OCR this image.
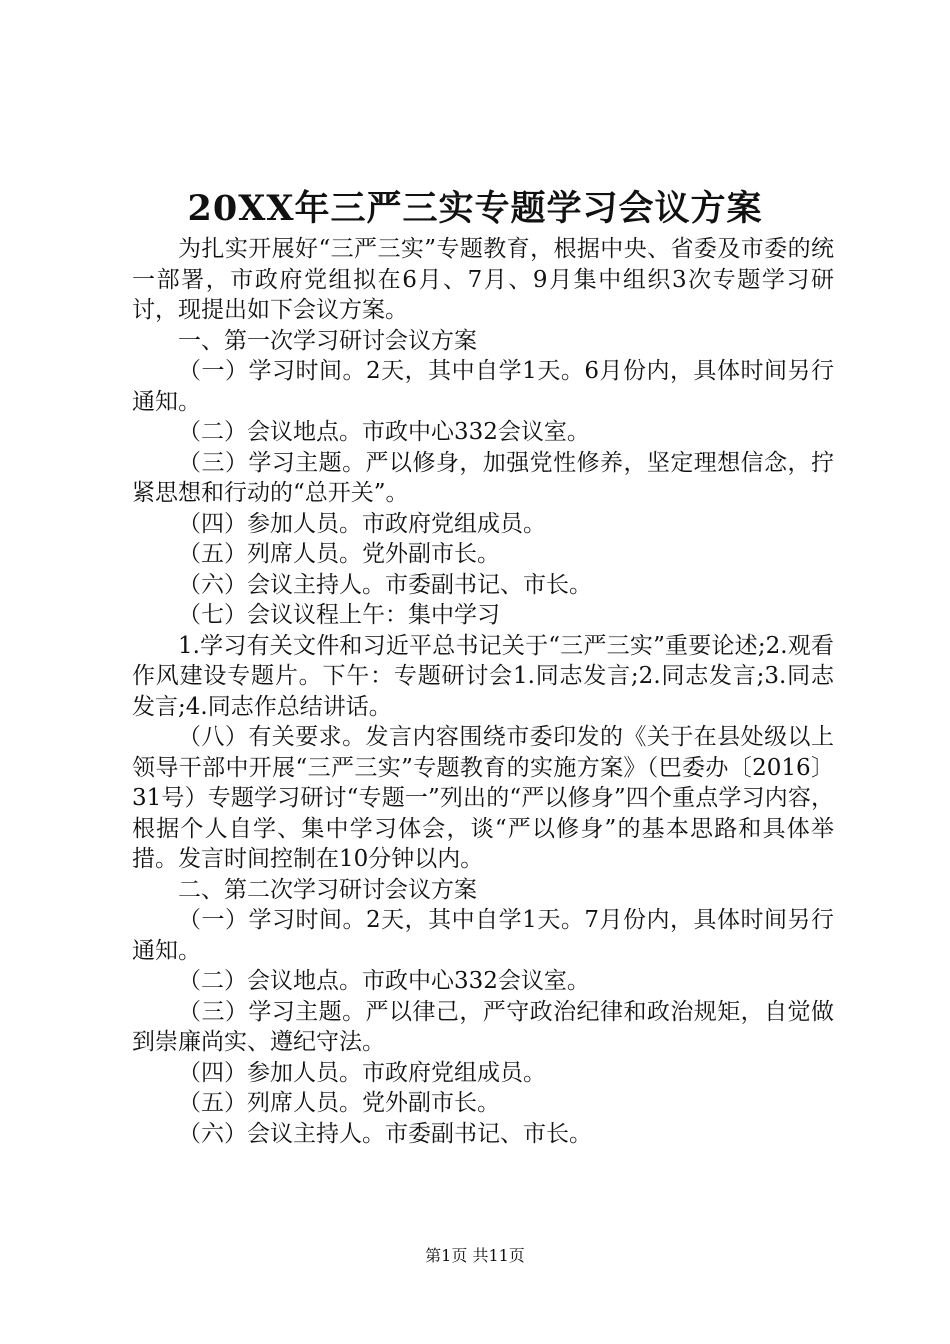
20XX年三严三实专题学习会议方案

为扎实开展好“三严三实”专题教育，根据中央、省委及市委的统一部署，市政府党组拟在6月、7月、9月集中组织3次专题学习研讨，现提出如下会议方案。

一、第一次学习研讨会议方案

（一）学习时间。2天，其中自学1天。6月份内，具体时间另行通知。

（二）会议地点。市政中心332会议室。

（三）学习主题。严以修身，加强党性修养，坚定理想信念，拧紧思想和行动的“总开关”。

（四）参加人员。市政府党组成员。

（五）列席人员。党外副市长。

（六）会议主持人。市委副书记、市长。

（七）会议议程上午：集中学习

1.学习有关文件和习近平总书记关于“三严三实”重要论述;2.观看作风建设专题片。下午：专题研讨会1.同志发言;2.同志发言;3.同志发言;4.同志作总结讲话。

（八）有关要求。发言内容围绕市委印发的《关于在县处级以上领导干部中开展“三严三实”专题教育的实施方案》（巴委办〔2016〕31号）专题学习研讨“专题一”列出的“严以修身”四个重点学习内容，根据个人自学、集中学习体会，谈“严以修身”的基本思路和具体举措。发言时间控制在10分钟以内。

二、第二次学习研讨会议方案

（一）学习时间。2天，其中自学1天。7月份内，具体时间另行通知。

（二）会议地点。市政中心332会议室。

（三）学习主题。严以律己，严守政治纪律和政治规矩，自觉做到崇廉尚实、遵纪守法。

（四）参加人员。市政府党组成员。

（五）列席人员。党外副市长。

（六）会议主持人。市委副书记、市长。

第1页 共11页
